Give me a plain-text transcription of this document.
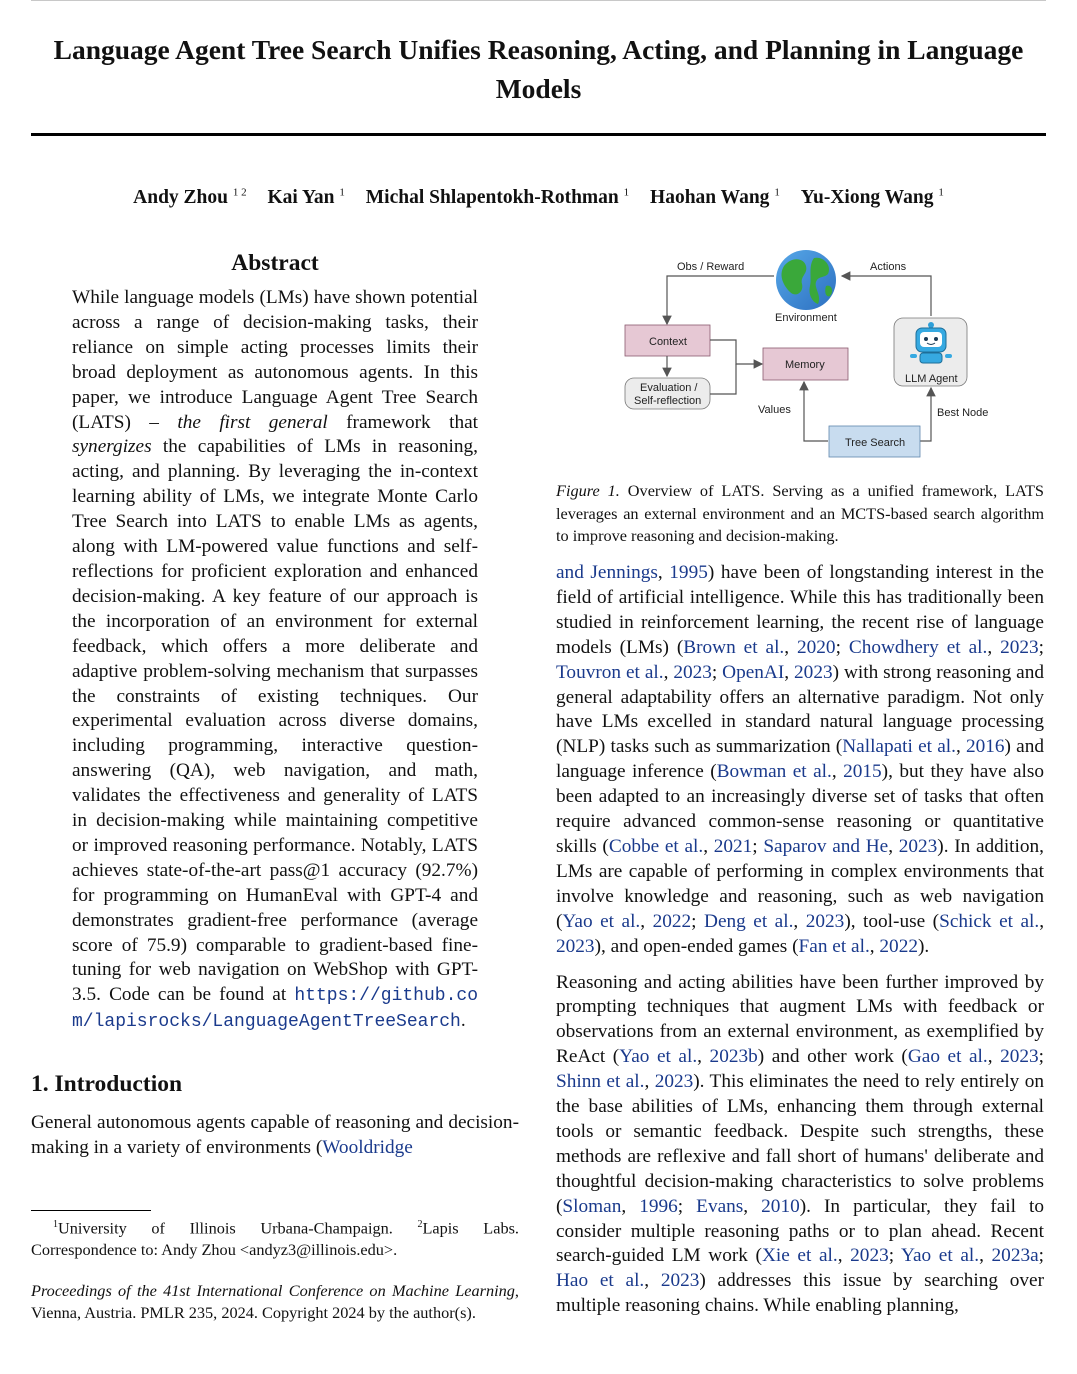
Language Agent Tree Search Unifies Reasoning, Acting, and Planning in Language Models
Andy Zhou $^{1 2}$ Kai Yan $^1$ Michal Shlapentokh-Rothman $^1$ Haohan Wang $^1$ Yu-Xiong Wang $^1$
Abstract

While language models (LMs) have shown potential across a range of decision-making tasks, their reliance on simple acting processes limits their broad deployment as autonomous agents. In this paper, we introduce Language Agent Tree Search (LATS) – the first general framework that synergizes the capabilities of LMs in reasoning, acting, and planning. By leveraging the in-context learning ability of LMs, we integrate Monte Carlo Tree Search into LATS to enable LMs as agents, along with LM-powered value functions and self-reflections for proficient exploration and enhanced decision-making. A key feature of our approach is the incorporation of an environment for external feedback, which offers a more deliberate and adaptive problem-solving mechanism that surpasses the constraints of existing techniques. Our experimental evaluation across diverse domains, including programming, interactive question-answering (QA), web navigation, and math, validates the effectiveness and generality of LATS in decision-making while maintaining competitive or improved reasoning performance. Notably, LATS achieves state-of-the-art pass@1 accuracy (92.7%) for programming on HumanEval with GPT-4 and demonstrates gradient-free performance (average score of 75.9) comparable to gradient-based fine-tuning for web navigation on WebShop with GPT-3.5. Code can be found at https://github.com/lapisrocks/LanguageAgentTreeSearch.

1. Introduction

General autonomous agents capable of reasoning and decision-making in a variety of environments (Wooldridge

$^1$University of Illinois Urbana-Champaign. $^2$Lapis Labs. Correspondence to: Andy Zhou <andyz3@illinois.edu>.
Proceedings of the 41st International Conference on Machine Learning, Vienna, Austria. PMLR 235, 2024. Copyright 2024 by the author(s).
Obs / Reward	Actions
Environment
Context
Evaluation /
Self-reflection
Memory
LLM Agent
Values	Best Node
Tree Search
Figure 1. Overview of LATS. Serving as a unified framework, LATS leverages an external environment and an MCTS-based search algorithm to improve reasoning and decision-making.

and Jennings, 1995) have been of longstanding interest in the field of artificial intelligence. While this has traditionally been studied in reinforcement learning, the recent rise of language models (LMs) (Brown et al., 2020; Chowdhery et al., 2023; Touvron et al., 2023; OpenAI, 2023) with strong reasoning and general adaptability offers an alternative paradigm. Not only have LMs excelled in standard natural language processing (NLP) tasks such as summarization (Nallapati et al., 2016) and language inference (Bowman et al., 2015), but they have also been adapted to an increasingly diverse set of tasks that often require advanced common-sense reasoning or quantitative skills (Cobbe et al., 2021; Saparov and He, 2023). In addition, LMs are capable of performing in complex environments that involve knowledge and reasoning, such as web navigation (Yao et al., 2022; Deng et al., 2023), tool-use (Schick et al., 2023), and open-ended games (Fan et al., 2022).

Reasoning and acting abilities have been further improved by prompting techniques that augment LMs with feedback or observations from an external environment, as exemplified by ReAct (Yao et al., 2023b) and other work (Gao et al., 2023; Shinn et al., 2023). This eliminates the need to rely entirely on the base abilities of LMs, enhancing them through external tools or semantic feedback. Despite such strengths, these methods are reflexive and fall short of humans' deliberate and thoughtful decision-making characteristics to solve problems (Sloman, 1996; Evans, 2010). In particular, they fail to consider multiple reasoning paths or to plan ahead. Recent search-guided LM work (Xie et al., 2023; Yao et al., 2023a; Hao et al., 2023) addresses this issue by searching over multiple reasoning chains. While enabling planning,
